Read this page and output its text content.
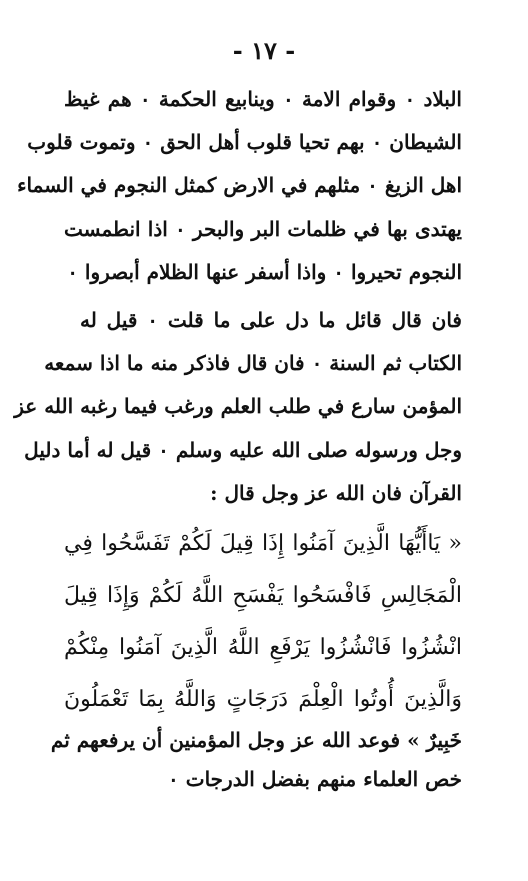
- ١٧ -
البلاد ٠ وقوام الامة ٠ وينابيع الحكمة ٠ هم غيظ
الشيطان ٠ بهم تحيا قلوب أهل الحق ٠ وتموت قلوب
اهل الزيغ ٠ مثلهم في الارض كمثل النجوم في السماء
يهتدى بها في ظلمات البر والبحر ٠ اذا انطمست
النجوم تحيروا ٠ واذا أسفر عنها الظلام أبصروا ٠
فان قال قائل ما دل على ما قلت ٠ قيل له
الكتاب ثم السنة ٠ فان قال فاذكر منه ما اذا سمعه
المؤمن سارع في طلب العلم ورغب فيما رغبه الله عز
وجل ورسوله صلى الله عليه وسلم ٠ قيل له أما دليل
القرآن فان الله عز وجل قال :
« يَاأَيُّهَا الَّذِينَ آمَنُوا إِذَا قِيلَ لَكُمْ تَفَسَّحُوا فِي
الْمَجَالِسِ فَافْسَحُوا يَفْسَحِ اللَّهُ لَكُمْ وَإِذَا قِيلَ
انْشُزُوا فَانْشُزُوا يَرْفَعِ اللَّهُ الَّذِينَ آمَنُوا مِنْكُمْ
وَالَّذِينَ أُوتُوا الْعِلْمَ دَرَجَاتٍ وَاللَّهُ بِمَا تَعْمَلُونَ
خَبِيرٌ » فوعد الله عز وجل المؤمنين أن يرفعهم ثم
خص العلماء منهم بفضل الدرجات ٠
